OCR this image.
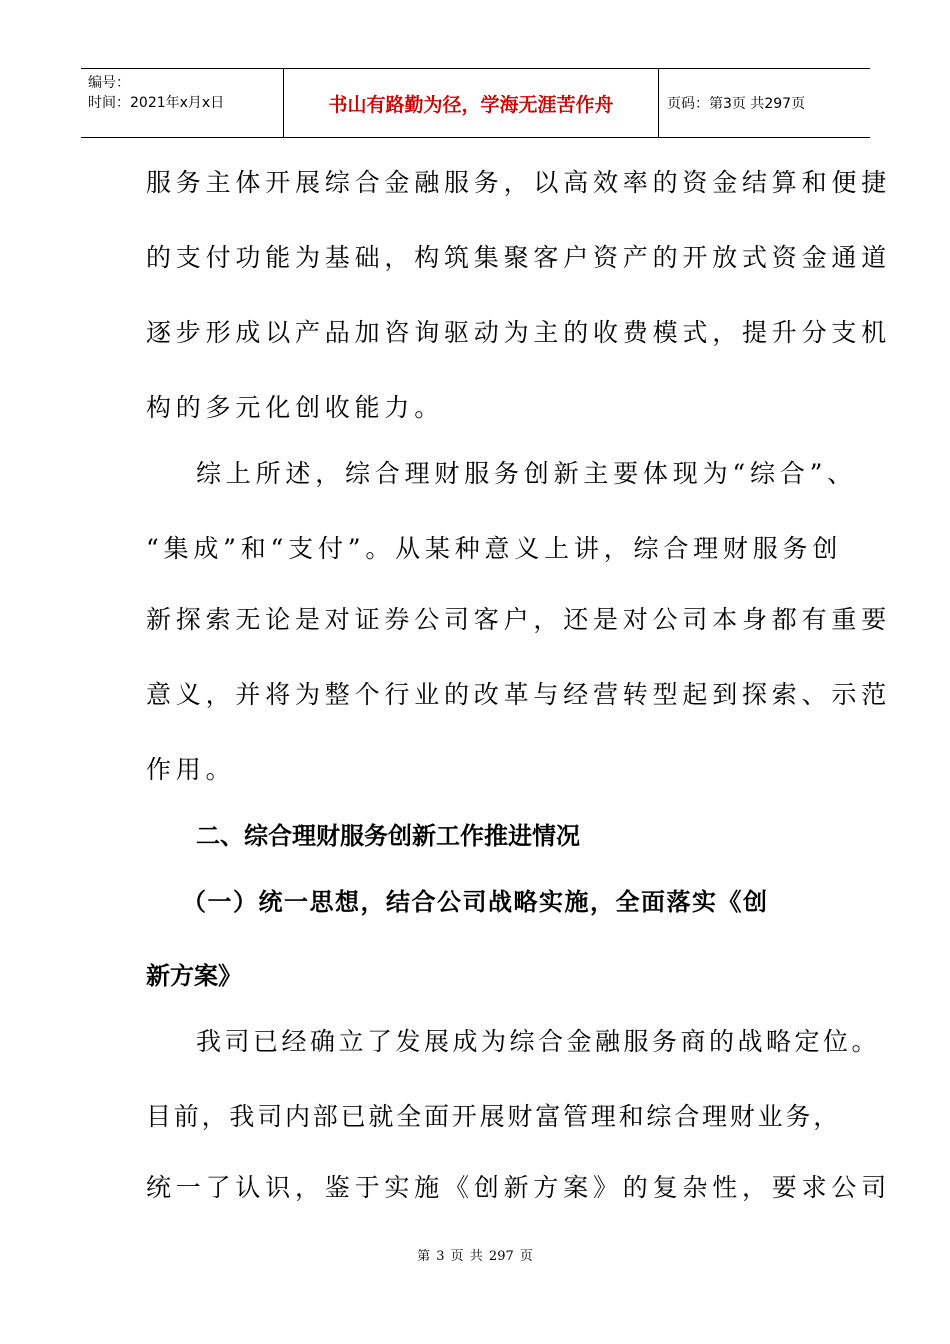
编号：
时间：2021年x月x日	书山有路勤为径，学海无涯苦作舟	页码：第3页 共297页
服务主体开展综合金融服务，以高效率的资金结算和便捷
的支付功能为基础，构筑集聚客户资产的开放式资金通道
逐步形成以产品加咨询驱动为主的收费模式，提升分支机
构的多元化创收能力。
综上所述，综合理财服务创新主要体现为“综合”、
“集成”和“支付”。从某种意义上讲，综合理财服务创
新探索无论是对证券公司客户，还是对公司本身都有重要
意义，并将为整个行业的改革与经营转型起到探索、示范
作用。
二、综合理财服务创新工作推进情况
（一）统一思想，结合公司战略实施，全面落实《创
新方案》
我司已经确立了发展成为综合金融服务商的战略定位。
目前，我司内部已就全面开展财富管理和综合理财业务，
统一了认识，鉴于实施《创新方案》的复杂性，要求公司
第 3 页 共 297 页
